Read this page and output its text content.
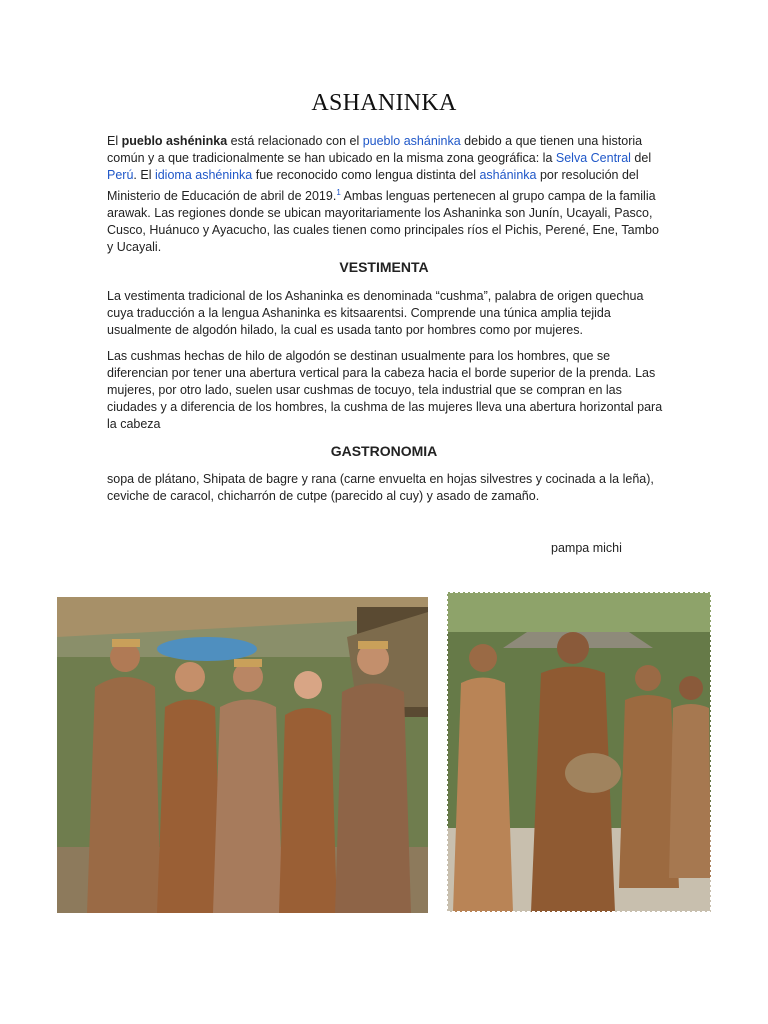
ASHANINKA

El pueblo ashéninka está relacionado con el pueblo asháninka debido a que tienen una historia común y a que tradicionalmente se han ubicado en la misma zona geográfica: la Selva Central del Perú. El idioma ashéninka fue reconocido como lengua distinta del asháninka por resolución del Ministerio de Educación de abril de 2019.$^1$ Ambas lenguas pertenecen al grupo campa de la familia arawak. Las regiones donde se ubican mayoritariamente los Ashaninka son Junín, Ucayali, Pasco, Cusco, Huánuco y Ayacucho, las cuales tienen como principales ríos el Pichis, Perené, Ene, Tambo y Ucayali.

VESTIMENTA

La vestimenta tradicional de los Ashaninka es denominada “cushma”, palabra de origen quechua cuya traducción a la lengua Ashaninka es kitsaarentsi. Comprende una túnica amplia tejida usualmente de algodón hilado, la cual es usada tanto por hombres como por mujeres.

Las cushmas hechas de hilo de algodón se destinan usualmente para los hombres, que se diferencian por tener una abertura vertical para la cabeza hacia el borde superior de la prenda. Las mujeres, por otro lado, suelen usar cushmas de tocuyo, tela industrial que se compran en las ciudades y a diferencia de los hombres, la cushma de las mujeres lleva una abertura horizontal para la cabeza

GASTRONOMIA

sopa de plátano, Shipata de bagre y rana (carne envuelta en hojas silvestres y cocinada a la leña), ceviche de caracol, chicharrón de cutpe (parecido al cuy) y asado de zamaño.

pampa michi
